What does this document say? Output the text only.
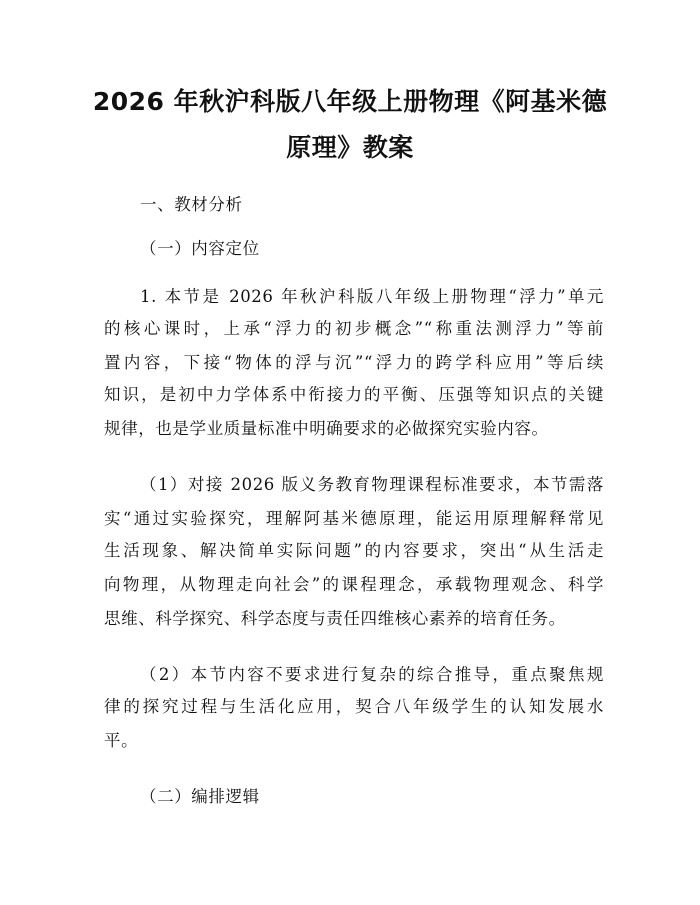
2026 年秋沪科版八年级上册物理《阿基米德
原理》教案
一、教材分析
（一）内容定位
1. 本节是 2026 年秋沪科版八年级上册物理“浮力”单元
的核心课时，上承“浮力的初步概念”“称重法测浮力”等前
置内容，下接“物体的浮与沉”“浮力的跨学科应用”等后续
知识，是初中力学体系中衔接力的平衡、压强等知识点的关键
规律，也是学业质量标准中明确要求的必做探究实验内容。
（1）对接 2026 版义务教育物理课程标准要求，本节需落
实“通过实验探究，理解阿基米德原理，能运用原理解释常见
生活现象、解决简单实际问题”的内容要求，突出“从生活走
向物理，从物理走向社会”的课程理念，承载物理观念、科学
思维、科学探究、科学态度与责任四维核心素养的培育任务。
（2）本节内容不要求进行复杂的综合推导，重点聚焦规
律的探究过程与生活化应用，契合八年级学生的认知发展水
平。
（二）编排逻辑
